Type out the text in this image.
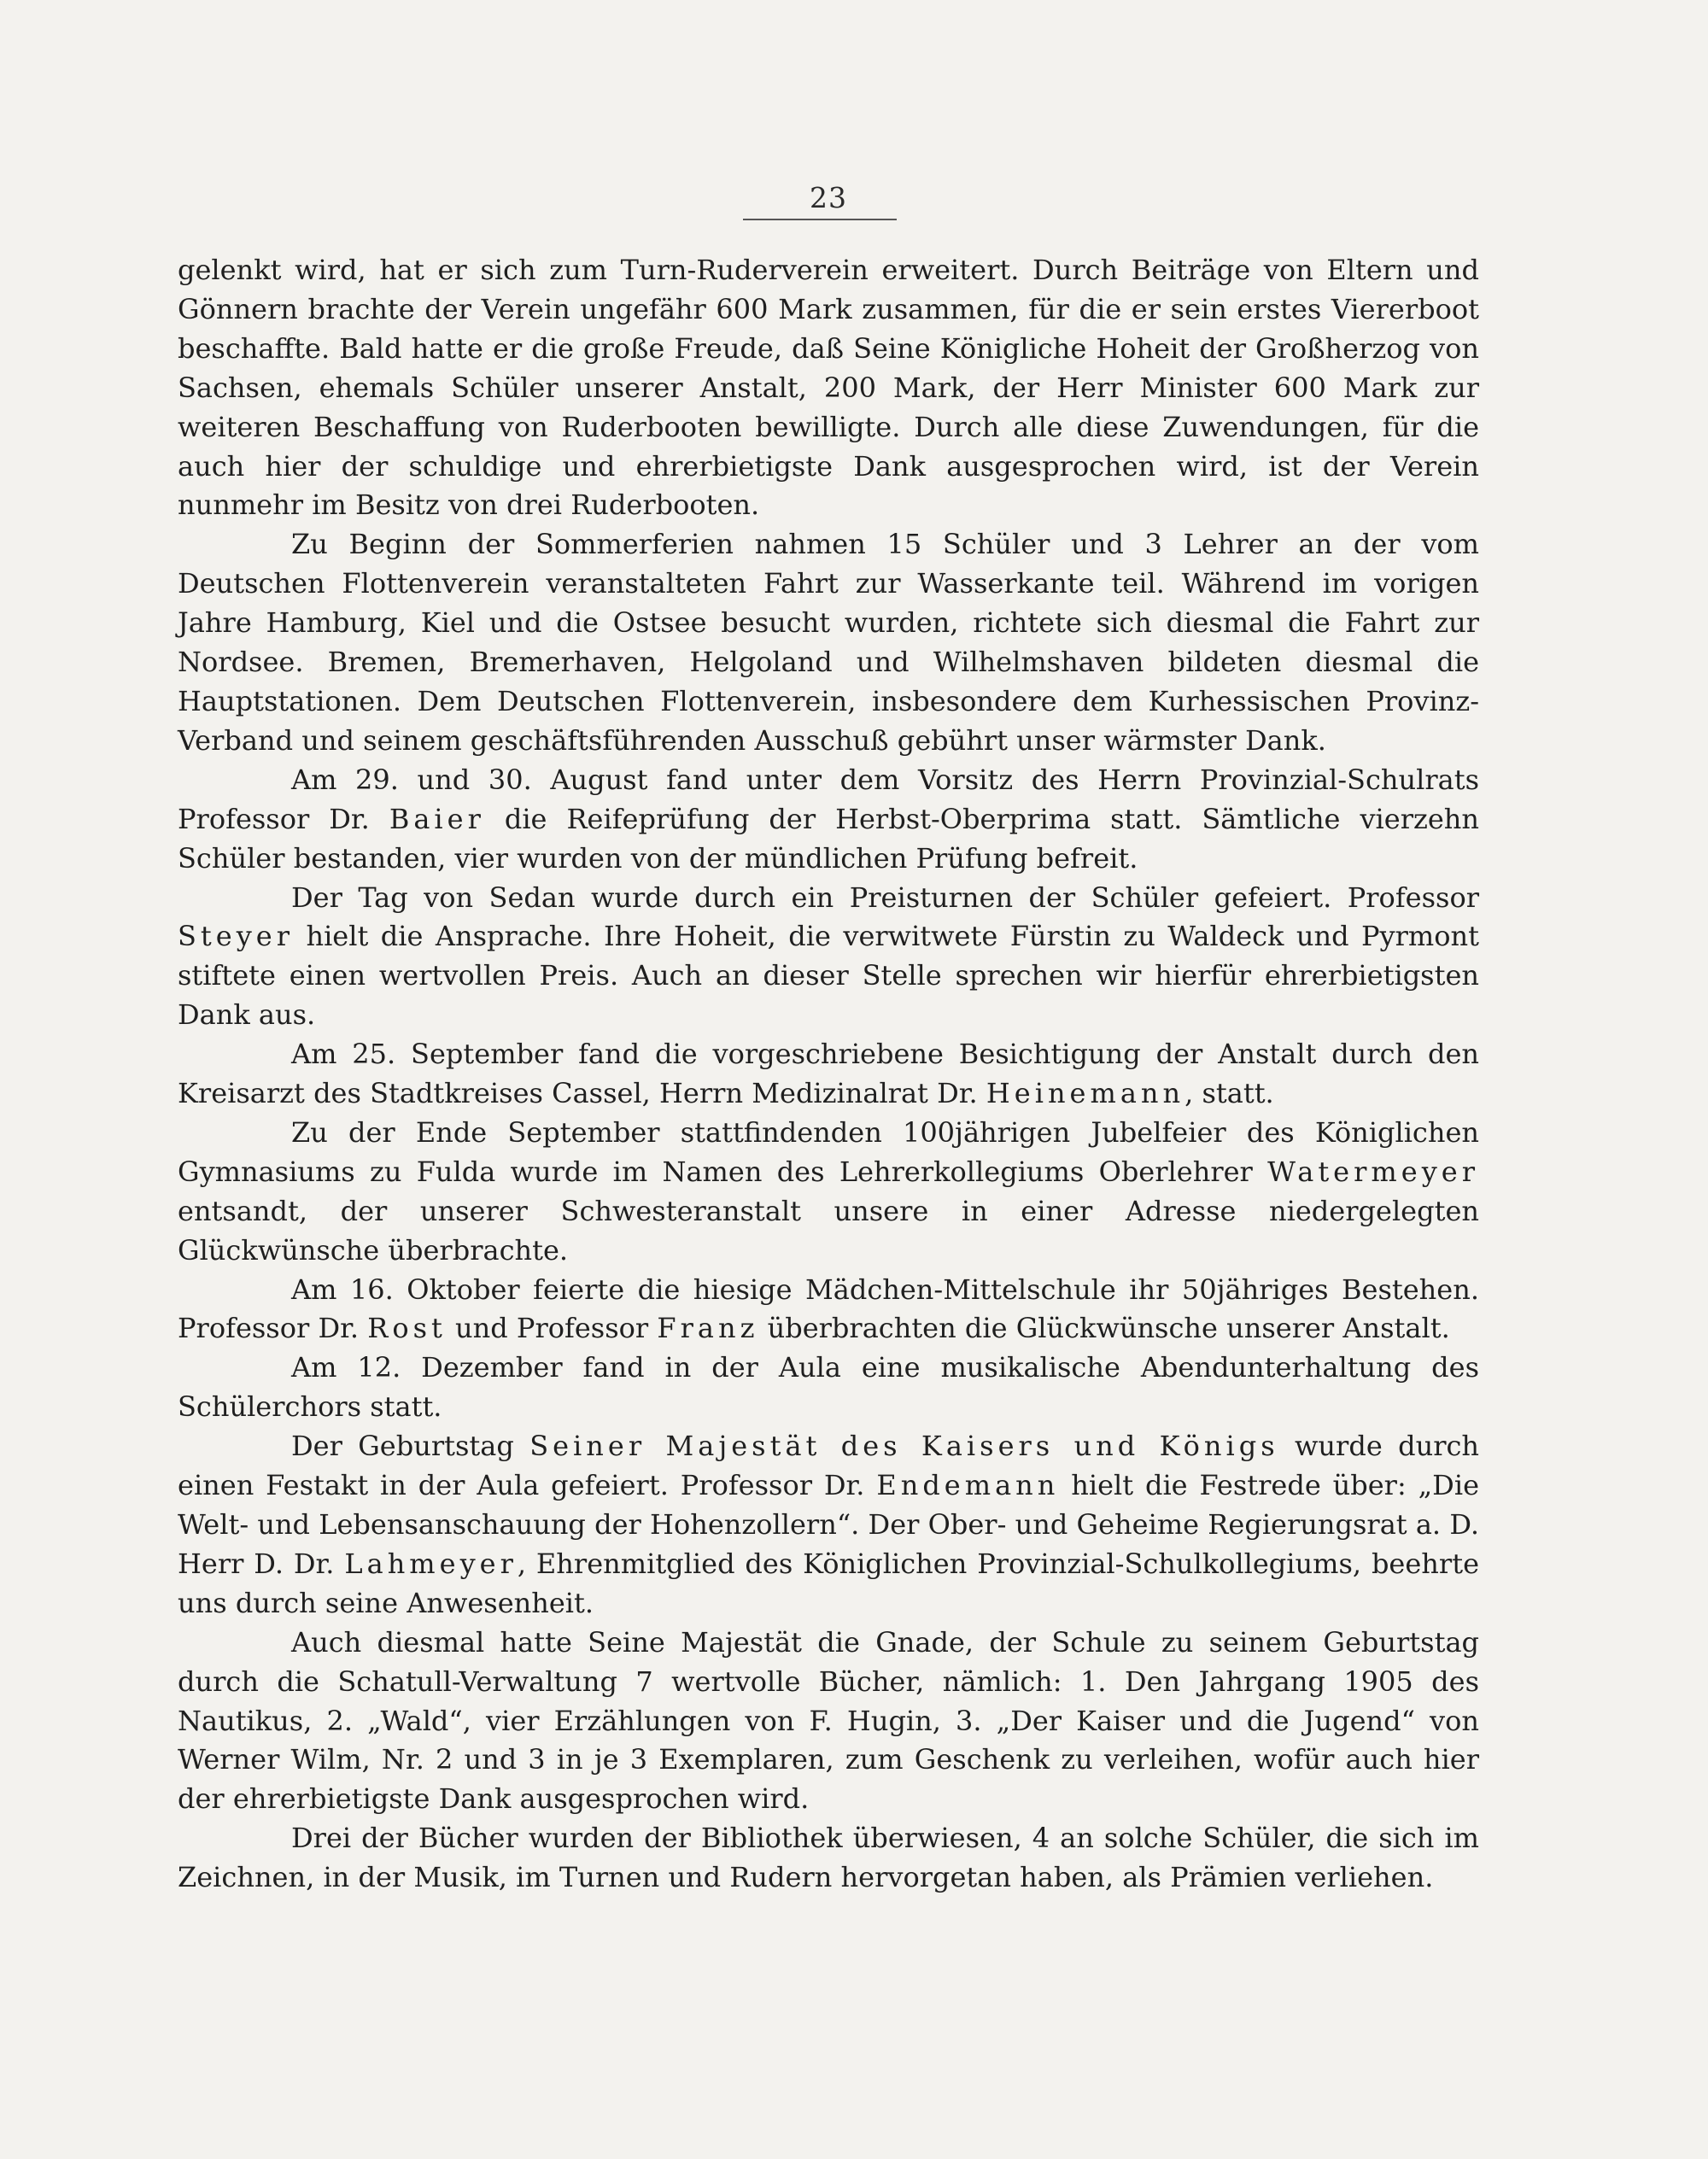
23

gelenkt wird, hat er sich zum Turn-Ruderverein erweitert. Durch Beiträge von Eltern und Gönnern brachte der Verein ungefähr 600 Mark zusammen, für die er sein erstes Viererboot beschaffte. Bald hatte er die große Freude, daß Seine Königliche Hoheit der Großherzog von Sachsen, ehemals Schüler unserer Anstalt, 200 Mark, der Herr Minister 600 Mark zur weiteren Beschaffung von Ruderbooten bewilligte. Durch alle diese Zuwendungen, für die auch hier der schuldige und ehrerbietigste Dank ausgesprochen wird, ist der Verein nunmehr im Besitz von drei Ruderbooten.

Zu Beginn der Sommerferien nahmen 15 Schüler und 3 Lehrer an der vom Deutschen Flottenverein veranstalteten Fahrt zur Wasserkante teil. Während im vorigen Jahre Hamburg, Kiel und die Ostsee besucht wurden, richtete sich diesmal die Fahrt zur Nordsee. Bremen, Bremerhaven, Helgoland und Wilhelmshaven bildeten diesmal die Hauptstationen. Dem Deutschen Flottenverein, insbesondere dem Kurhessischen Provinz-Verband und seinem geschäftsführenden Ausschuß gebührt unser wärmster Dank.

Am 29. und 30. August fand unter dem Vorsitz des Herrn Provinzial-Schulrats Professor Dr. Baier die Reifeprüfung der Herbst-Oberprima statt. Sämtliche vierzehn Schüler bestanden, vier wurden von der mündlichen Prüfung befreit.

Der Tag von Sedan wurde durch ein Preisturnen der Schüler gefeiert. Professor Steyer hielt die Ansprache. Ihre Hoheit, die verwitwete Fürstin zu Waldeck und Pyrmont stiftete einen wertvollen Preis. Auch an dieser Stelle sprechen wir hierfür ehrerbietigsten Dank aus.

Am 25. September fand die vorgeschriebene Besichtigung der Anstalt durch den Kreisarzt des Stadtkreises Cassel, Herrn Medizinalrat Dr. Heinemann, statt.

Zu der Ende September stattfindenden 100jährigen Jubelfeier des Königlichen Gymnasiums zu Fulda wurde im Namen des Lehrerkollegiums Oberlehrer Watermeyer entsandt, der unserer Schwesteranstalt unsere in einer Adresse niedergelegten Glückwünsche überbrachte.

Am 16. Oktober feierte die hiesige Mädchen-Mittelschule ihr 50jähriges Bestehen. Professor Dr. Rost und Professor Franz überbrachten die Glückwünsche unserer Anstalt.

Am 12. Dezember fand in der Aula eine musikalische Abendunterhaltung des Schülerchors statt.

Der Geburtstag Seiner Majestät des Kaisers und Königs wurde durch einen Festakt in der Aula gefeiert. Professor Dr. Endemann hielt die Festrede über: „Die Welt- und Lebensanschauung der Hohenzollern“. Der Ober- und Geheime Regierungsrat a. D. Herr D. Dr. Lahmeyer, Ehrenmitglied des Königlichen Provinzial-Schulkollegiums, beehrte uns durch seine Anwesenheit.

Auch diesmal hatte Seine Majestät die Gnade, der Schule zu seinem Geburtstag durch die Schatull-Verwaltung 7 wertvolle Bücher, nämlich: 1. Den Jahrgang 1905 des Nautikus, 2. „Wald“, vier Erzählungen von F. Hugin, 3. „Der Kaiser und die Jugend“ von Werner Wilm, Nr. 2 und 3 in je 3 Exemplaren, zum Geschenk zu verleihen, wofür auch hier der ehrerbietigste Dank ausgesprochen wird.

Drei der Bücher wurden der Bibliothek überwiesen, 4 an solche Schüler, die sich im Zeichnen, in der Musik, im Turnen und Rudern hervorgetan haben, als Prämien verliehen.
